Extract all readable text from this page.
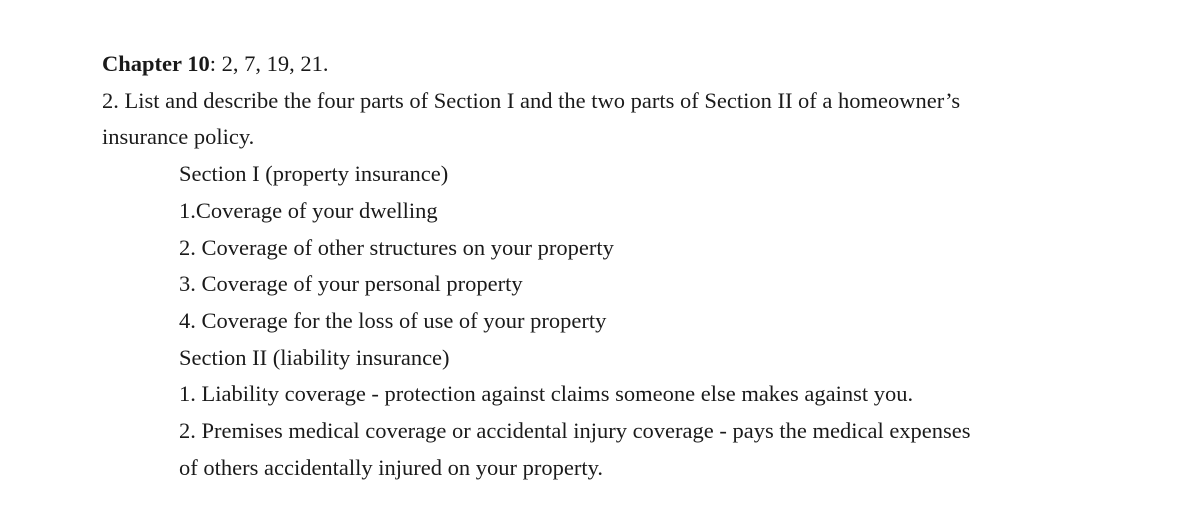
Chapter 10: 2, 7, 19, 21.

2. List and describe the four parts of Section I and the two parts of Section II of a homeowner’s

insurance policy.

Section I (property insurance)

1.Coverage of your dwelling

2. Coverage of other structures on your property

3. Coverage of your personal property

4. Coverage for the loss of use of your property

Section II (liability insurance)

1. Liability coverage - protection against claims someone else makes against you.

2. Premises medical coverage or accidental injury coverage - pays the medical expenses

of others accidentally injured on your property.
